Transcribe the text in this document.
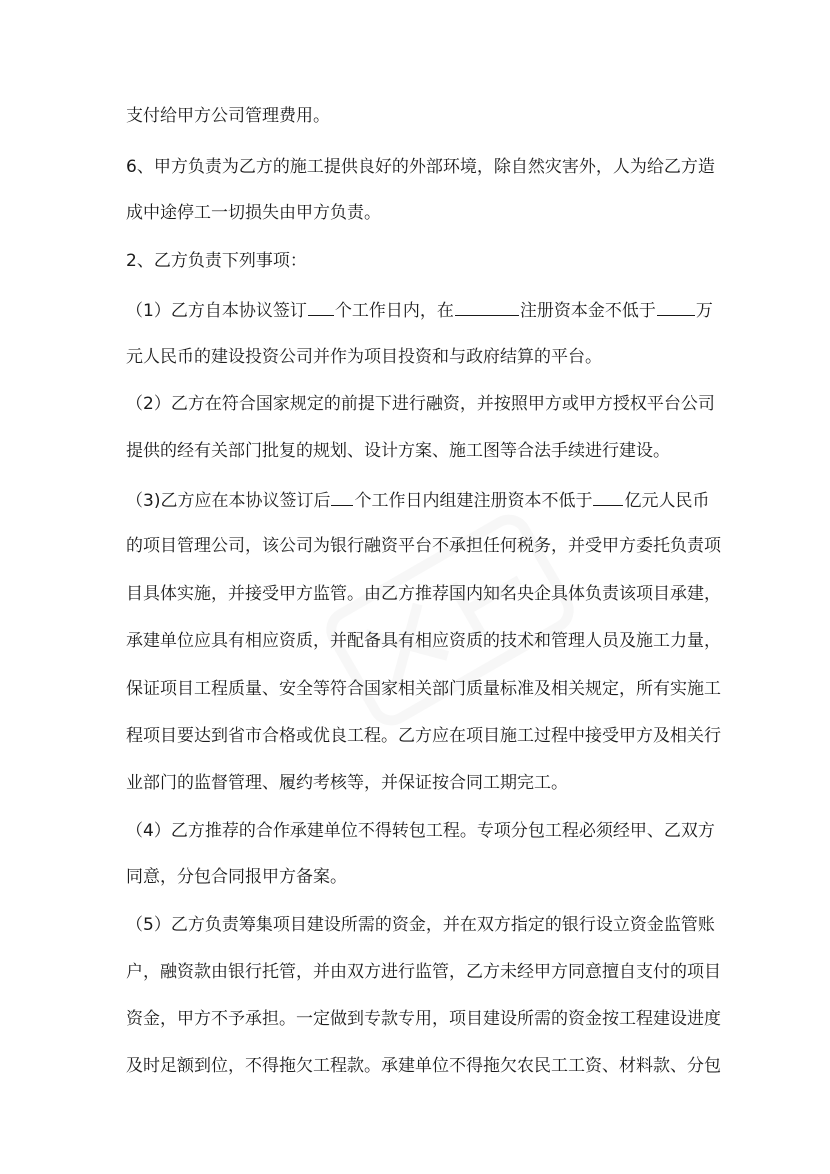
支付给甲方公司管理费用。
6、甲方负责为乙方的施工提供良好的外部环境，除自然灾害外，人为给乙方造
成中途停工一切损失由甲方负责。
2、乙方负责下列事项：
（1）乙方自本协议签订 个工作日内，在	注册资本金不低于 万
元人民币的建设投资公司并作为项目投资和与政府结算的平台。
（2）乙方在符合国家规定的前提下进行融资，并按照甲方或甲方授权平台公司
提供的经有关部门批复的规划、设计方案、施工图等合法手续进行建设。
（3)乙方应在本协议签订后 个工作日内组建注册资本不低于 亿元人民币
的项目管理公司，该公司为银行融资平台不承担任何税务，并受甲方委托负责项
目具体实施，并接受甲方监管。由乙方推荐国内知名央企具体负责该项目承建，
承建单位应具有相应资质，并配备具有相应资质的技术和管理人员及施工力量，
保证项目工程质量、安全等符合国家相关部门质量标准及相关规定，所有实施工
程项目要达到省市合格或优良工程。乙方应在项目施工过程中接受甲方及相关行
业部门的监督管理、履约考核等，并保证按合同工期完工。
（4）乙方推荐的合作承建单位不得转包工程。专项分包工程必须经甲、乙双方
同意，分包合同报甲方备案。
（5）乙方负责筹集项目建设所需的资金，并在双方指定的银行设立资金监管账
户，融资款由银行托管，并由双方进行监管，乙方未经甲方同意擅自支付的项目
资金，甲方不予承担。一定做到专款专用，项目建设所需的资金按工程建设进度
及时足额到位，不得拖欠工程款。承建单位不得拖欠农民工工资、材料款、分包
